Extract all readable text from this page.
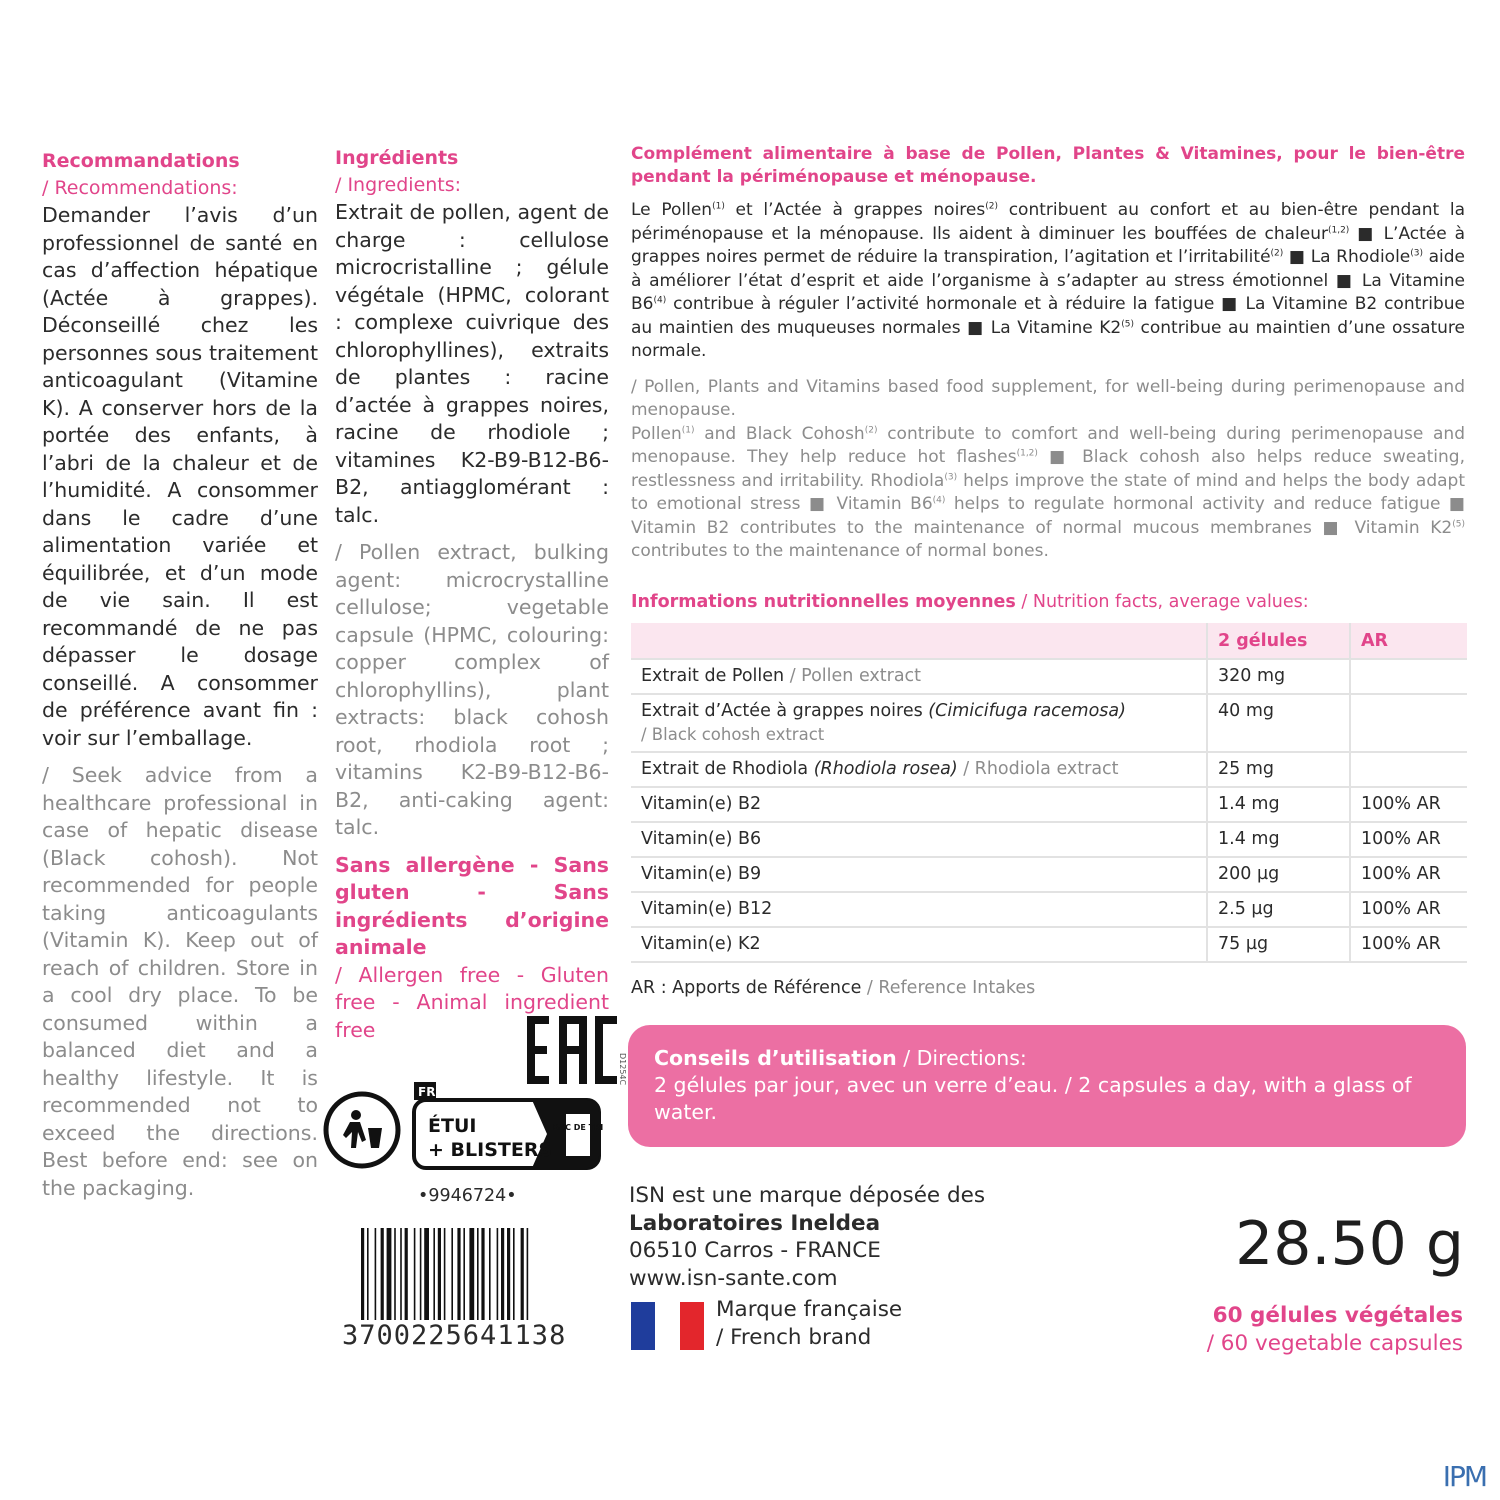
Recommandations
/ Recommendations:

Demander l’avis d’un professionnel de santé en cas d’affection hépatique (Actée à grappes). Déconseillé chez les personnes sous traitement anticoagulant (Vitamine K). A conserver hors de la portée des enfants, à l’abri de la chaleur et de l’humidité. A consommer dans le cadre d’une alimentation variée et équilibrée, et d’un mode de vie sain. Il est recommandé de ne pas dépasser le dosage conseillé. A consommer de préférence avant fin : voir sur l’emballage.

/ Seek advice from a healthcare professional in case of hepatic disease (Black cohosh). Not recommended for people taking anticoagulants (Vitamin K). Keep out of reach of children. Store in a cool dry place. To be consumed within a balanced diet and a healthy lifestyle. It is recommended not to exceed the directions. Best before end: see on the packaging.

Ingrédients
/ Ingredients:

Extrait de pollen, agent de charge : cellulose microcristalline ; gélule végétale (HPMC, colorant : complexe cuivrique des chlorophyllines), extraits de plantes : racine d’actée à grappes noires, racine de rhodiole ; vitamines K2-B9-B12-B6-B2, antiagglomérant : talc.

/ Pollen extract, bulking agent: microcrystalline cellulose; vegetable capsule (HPMC, colouring: copper complex of chlorophyllins), plant extracts: black cohosh root, rhodiola root ; vitamins K2-B9-B12-B6-B2, anti-caking agent: talc.

Sans allergène - Sans gluten - Sans ingrédients d’origine animale

/ Allergen free - Gluten free - Animal ingredient free

Complément alimentaire à base de Pollen, Plantes & Vitamines, pour le bien-être pendant la périménopause et ménopause.

Le Pollen$^{(1)}$ et l’Actée à grappes noires$^{(2)}$ contribuent au confort et au bien-être pendant la périménopause et la ménopause. Ils aident à diminuer les bouffées de chaleur$^{(1,2)}$ ■ L’Actée à grappes noires permet de réduire la transpiration, l’agitation et l’irritabilité$^{(2)}$ ■ La Rhodiole$^{(3)}$ aide à améliorer l’état d’esprit et aide l’organisme à s’adapter au stress émotionnel ■ La Vitamine B6$^{(4)}$ contribue à réguler l’activité hormonale et à réduire la fatigue ■ La Vitamine B2 contribue au maintien des muqueuses normales ■ La Vitamine K2$^{(5)}$ contribue au maintien d’une ossature normale.

/ Pollen, Plants and Vitamins based food supplement, for well-being during perimenopause and menopause.

Pollen$^{(1)}$ and Black Cohosh$^{(2)}$ contribute to comfort and well-being during perimenopause and menopause. They help reduce hot flashes$^{(1,2)}$ ■ Black cohosh also helps reduce sweating, restlessness and irritability. Rhodiola$^{(3)}$ helps improve the state of mind and helps the body adapt to emotional stress ■ Vitamin B6$^{(4)}$ helps to regulate hormonal activity and reduce fatigue ■ Vitamin B2 contributes to the maintenance of normal mucous membranes ■ Vitamin K2$^{(5)}$ contributes to the maintenance of normal bones.

Informations nutritionnelles moyennes / Nutrition facts, average values:
	2 gélules	AR
Extrait de Pollen / Pollen extract	320 mg	
Extrait d’Actée à grappes noires (Cimicifuga racemosa)
/ Black cohosh extract	40 mg	
Extrait de Rhodiola (Rhodiola rosea) / Rhodiola extract	25 mg	
Vitamin(e) B2	1.4 mg	100% AR
Vitamin(e) B6	1.4 mg	100% AR
Vitamin(e) B9	200 µg	100% AR
Vitamin(e) B12	2.5 µg	100% AR
Vitamin(e) K2	75 µg	100% AR
AR : Apports de Référence / Reference Intakes
Conseils d’utilisation / Directions:
2 gélules par jour, avec un verre d’eau. / 2 capsules a day, with a glass of water.
D1254C
FR
ÉTUI
+ BLISTERS
BAC DE TRI
•9946724•
3700225641138
ISN est une marque déposée des
Laboratoires Ineldea
06510 Carros - FRANCE
www.isn-sante.com
Marque française
/ French brand
28.50 g
60 gélules végétales
/ 60 vegetable capsules
IPM
